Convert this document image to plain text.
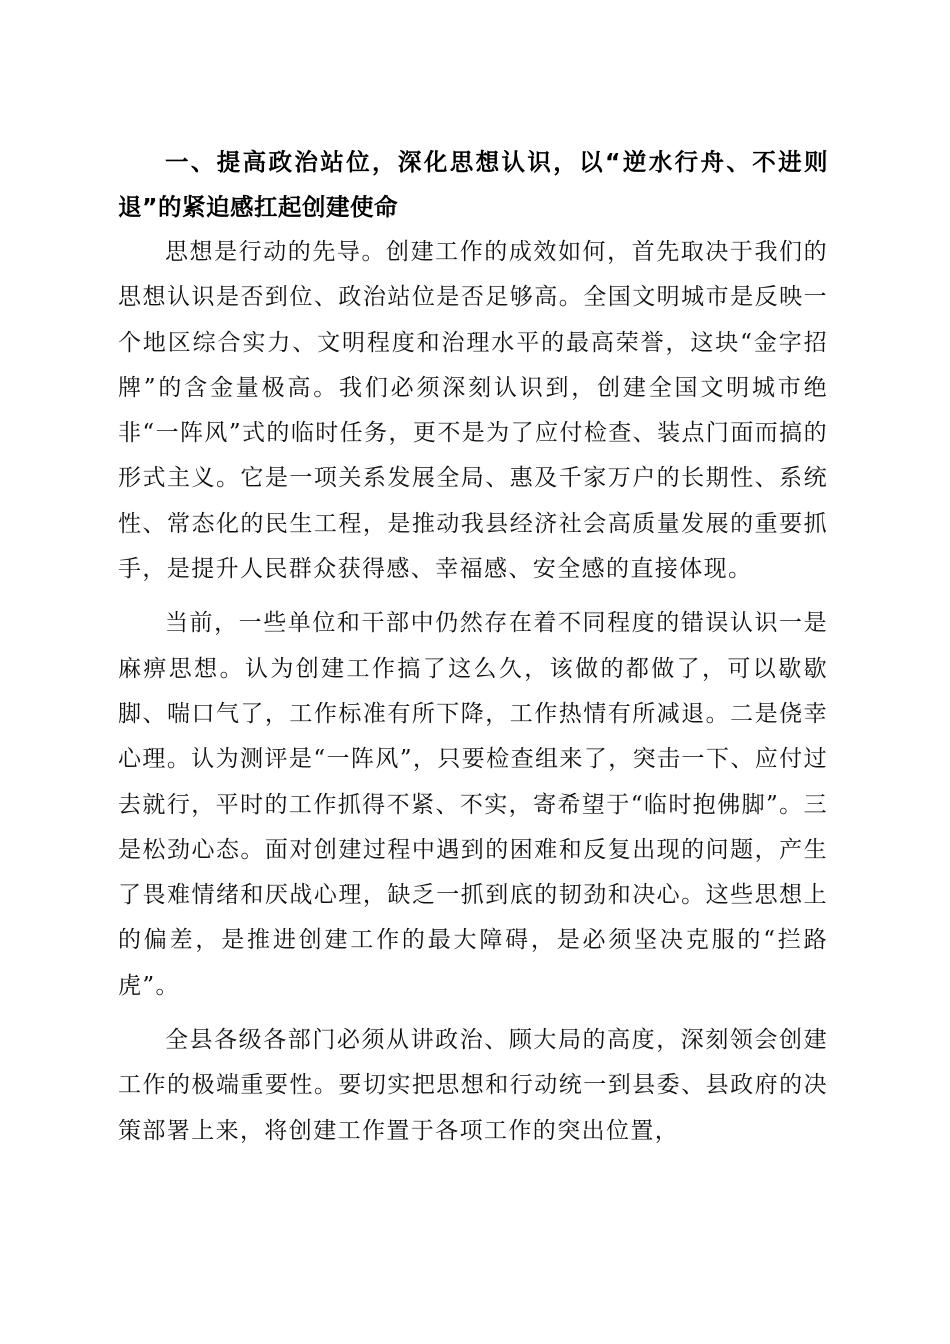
一、提高政治站位，深化思想认识，以“逆水行舟、不进则退”的紧迫感扛起创建使命

思想是行动的先导。创建工作的成效如何，首先取决于我们的思想认识是否到位、政治站位是否足够高。全国文明城市是反映一个地区综合实力、文明程度和治理水平的最高荣誉，这块“金字招牌”的含金量极高。我们必须深刻认识到，创建全国文明城市绝非“一阵风”式的临时任务，更不是为了应付检查、装点门面而搞的形式主义。它是一项关系发展全局、惠及千家万户的长期性、系统性、常态化的民生工程，是推动我县经济社会高质量发展的重要抓手，是提升人民群众获得感、幸福感、安全感的直接体现。

当前，一些单位和干部中仍然存在着不同程度的错误认识一是麻痹思想。认为创建工作搞了这么久，该做的都做了，可以歇歇脚、喘口气了，工作标准有所下降，工作热情有所减退。二是侥幸心理。认为测评是“一阵风”，只要检查组来了，突击一下、应付过去就行，平时的工作抓得不紧、不实，寄希望于“临时抱佛脚”。三是松劲心态。面对创建过程中遇到的困难和反复出现的问题，产生了畏难情绪和厌战心理，缺乏一抓到底的韧劲和决心。这些思想上的偏差，是推进创建工作的最大障碍，是必须坚决克服的“拦路虎”。

全县各级各部门必须从讲政治、顾大局的高度，深刻领会创建工作的极端重要性。要切实把思想和行动统一到县委、县政府的决策部署上来，将创建工作置于各项工作的突出位置，
